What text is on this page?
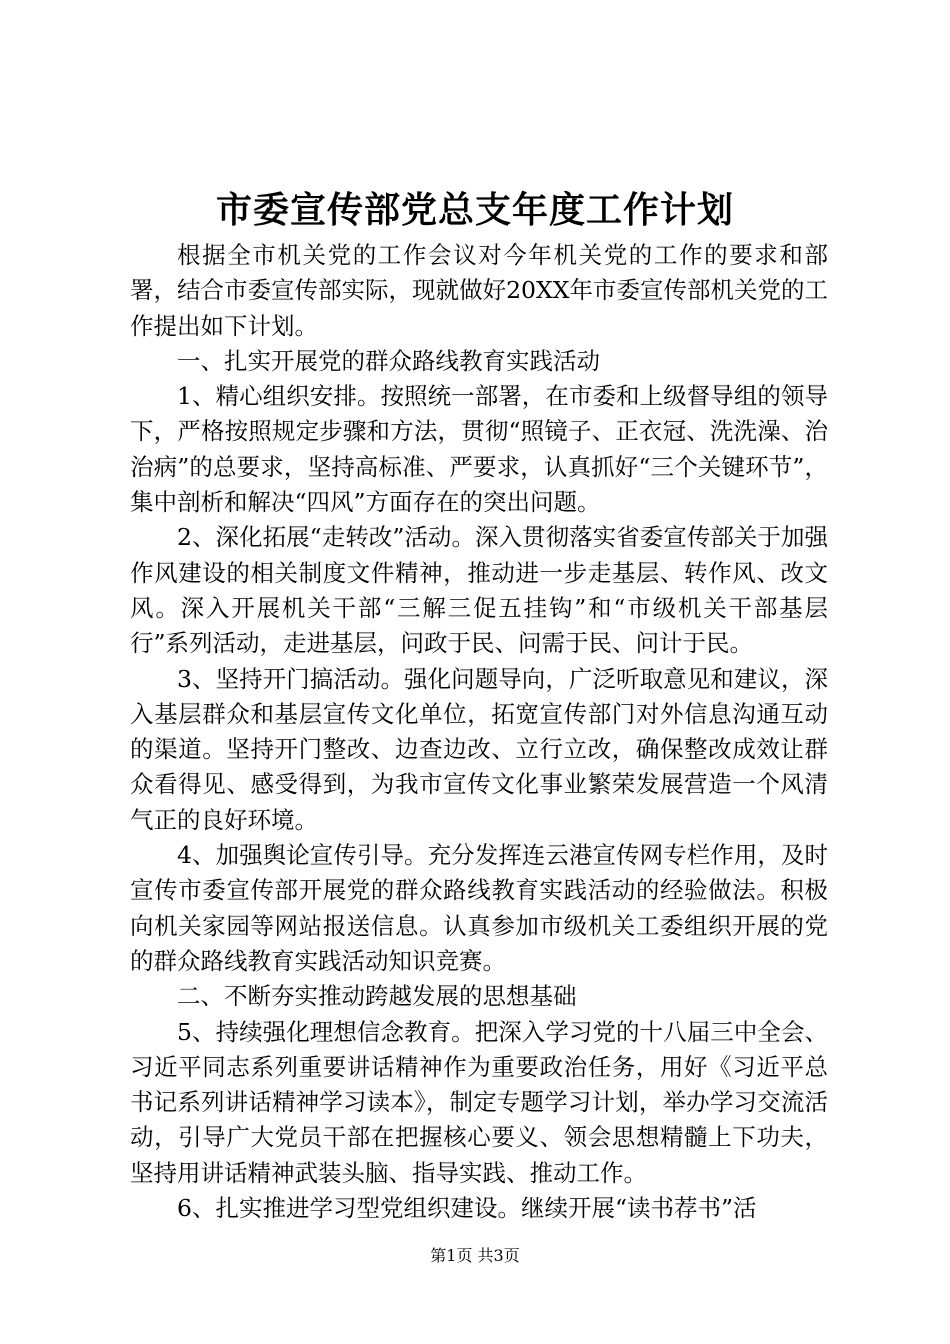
市委宣传部党总支年度工作计划

根据全市机关党的工作会议对今年机关党的工作的要求和部署，结合市委宣传部实际，现就做好20XX年市委宣传部机关党的工作提出如下计划。

一、扎实开展党的群众路线教育实践活动

1、精心组织安排。按照统一部署，在市委和上级督导组的领导下，严格按照规定步骤和方法，贯彻“照镜子、正衣冠、洗洗澡、治治病”的总要求，坚持高标准、严要求，认真抓好“三个关键环节”，集中剖析和解决“四风”方面存在的突出问题。

2、深化拓展“走转改”活动。深入贯彻落实省委宣传部关于加强作风建设的相关制度文件精神，推动进一步走基层、转作风、改文风。深入开展机关干部“三解三促五挂钩”和“市级机关干部基层行”系列活动，走进基层，问政于民、问需于民、问计于民。

3、坚持开门搞活动。强化问题导向，广泛听取意见和建议，深入基层群众和基层宣传文化单位，拓宽宣传部门对外信息沟通互动的渠道。坚持开门整改、边查边改、立行立改，确保整改成效让群众看得见、感受得到，为我市宣传文化事业繁荣发展营造一个风清气正的良好环境。

4、加强舆论宣传引导。充分发挥连云港宣传网专栏作用，及时宣传市委宣传部开展党的群众路线教育实践活动的经验做法。积极向机关家园等网站报送信息。认真参加市级机关工委组织开展的党的群众路线教育实践活动知识竞赛。

二、不断夯实推动跨越发展的思想基础

5、持续强化理想信念教育。把深入学习党的十八届三中全会、习近平同志系列重要讲话精神作为重要政治任务，用好《习近平总书记系列讲话精神学习读本》，制定专题学习计划，举办学习交流活动，引导广大党员干部在把握核心要义、领会思想精髓上下功夫，坚持用讲话精神武装头脑、指导实践、推动工作。

6、扎实推进学习型党组织建设。继续开展“读书荐书”活

第1页 共3页
